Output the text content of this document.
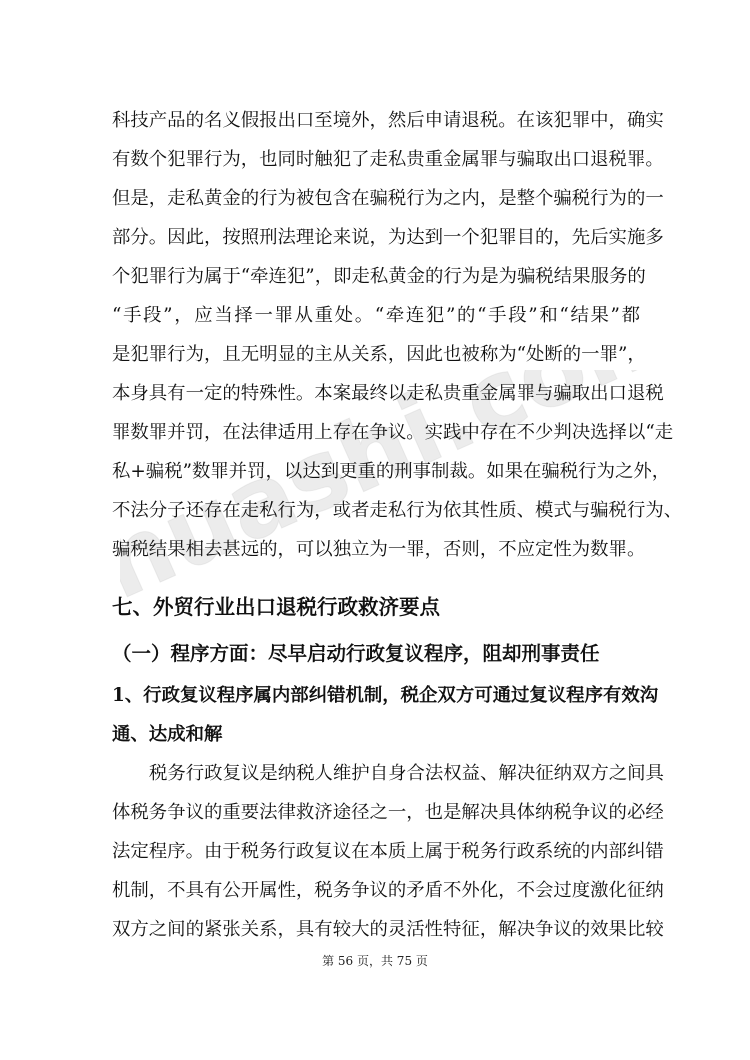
huashi.com
科技产品的名义假报出口至境外，然后申请退税。在该犯罪中，确实
有数个犯罪行为，也同时触犯了走私贵重金属罪与骗取出口退税罪。
但是，走私黄金的行为被包含在骗税行为之内，是整个骗税行为的一
部分。因此，按照刑法理论来说，为达到一个犯罪目的，先后实施多
个犯罪行为属于“牵连犯”，即走私黄金的行为是为骗税结果服务的
“手段”，应当择一罪从重处。“牵连犯”的“手段”和“结果”都
是犯罪行为，且无明显的主从关系，因此也被称为“处断的一罪”，
本身具有一定的特殊性。本案最终以走私贵重金属罪与骗取出口退税
罪数罪并罚，在法律适用上存在争议。实践中存在不少判决选择以“走
私+骗税”数罪并罚，以达到更重的刑事制裁。如果在骗税行为之外，
不法分子还存在走私行为，或者走私行为依其性质、模式与骗税行为、
骗税结果相去甚远的，可以独立为一罪，否则，不应定性为数罪。
七、外贸行业出口退税行政救济要点
（一）程序方面：尽早启动行政复议程序，阻却刑事责任
1、行政复议程序属内部纠错机制，税企双方可通过复议程序有效沟
通、达成和解
税务行政复议是纳税人维护自身合法权益、解决征纳双方之间具
体税务争议的重要法律救济途径之一，也是解决具体纳税争议的必经
法定程序。由于税务行政复议在本质上属于税务行政系统的内部纠错
机制，不具有公开属性，税务争议的矛盾不外化，不会过度激化征纳
双方之间的紧张关系，具有较大的灵活性特征，解决争议的效果比较
第 56 页，共 75 页
